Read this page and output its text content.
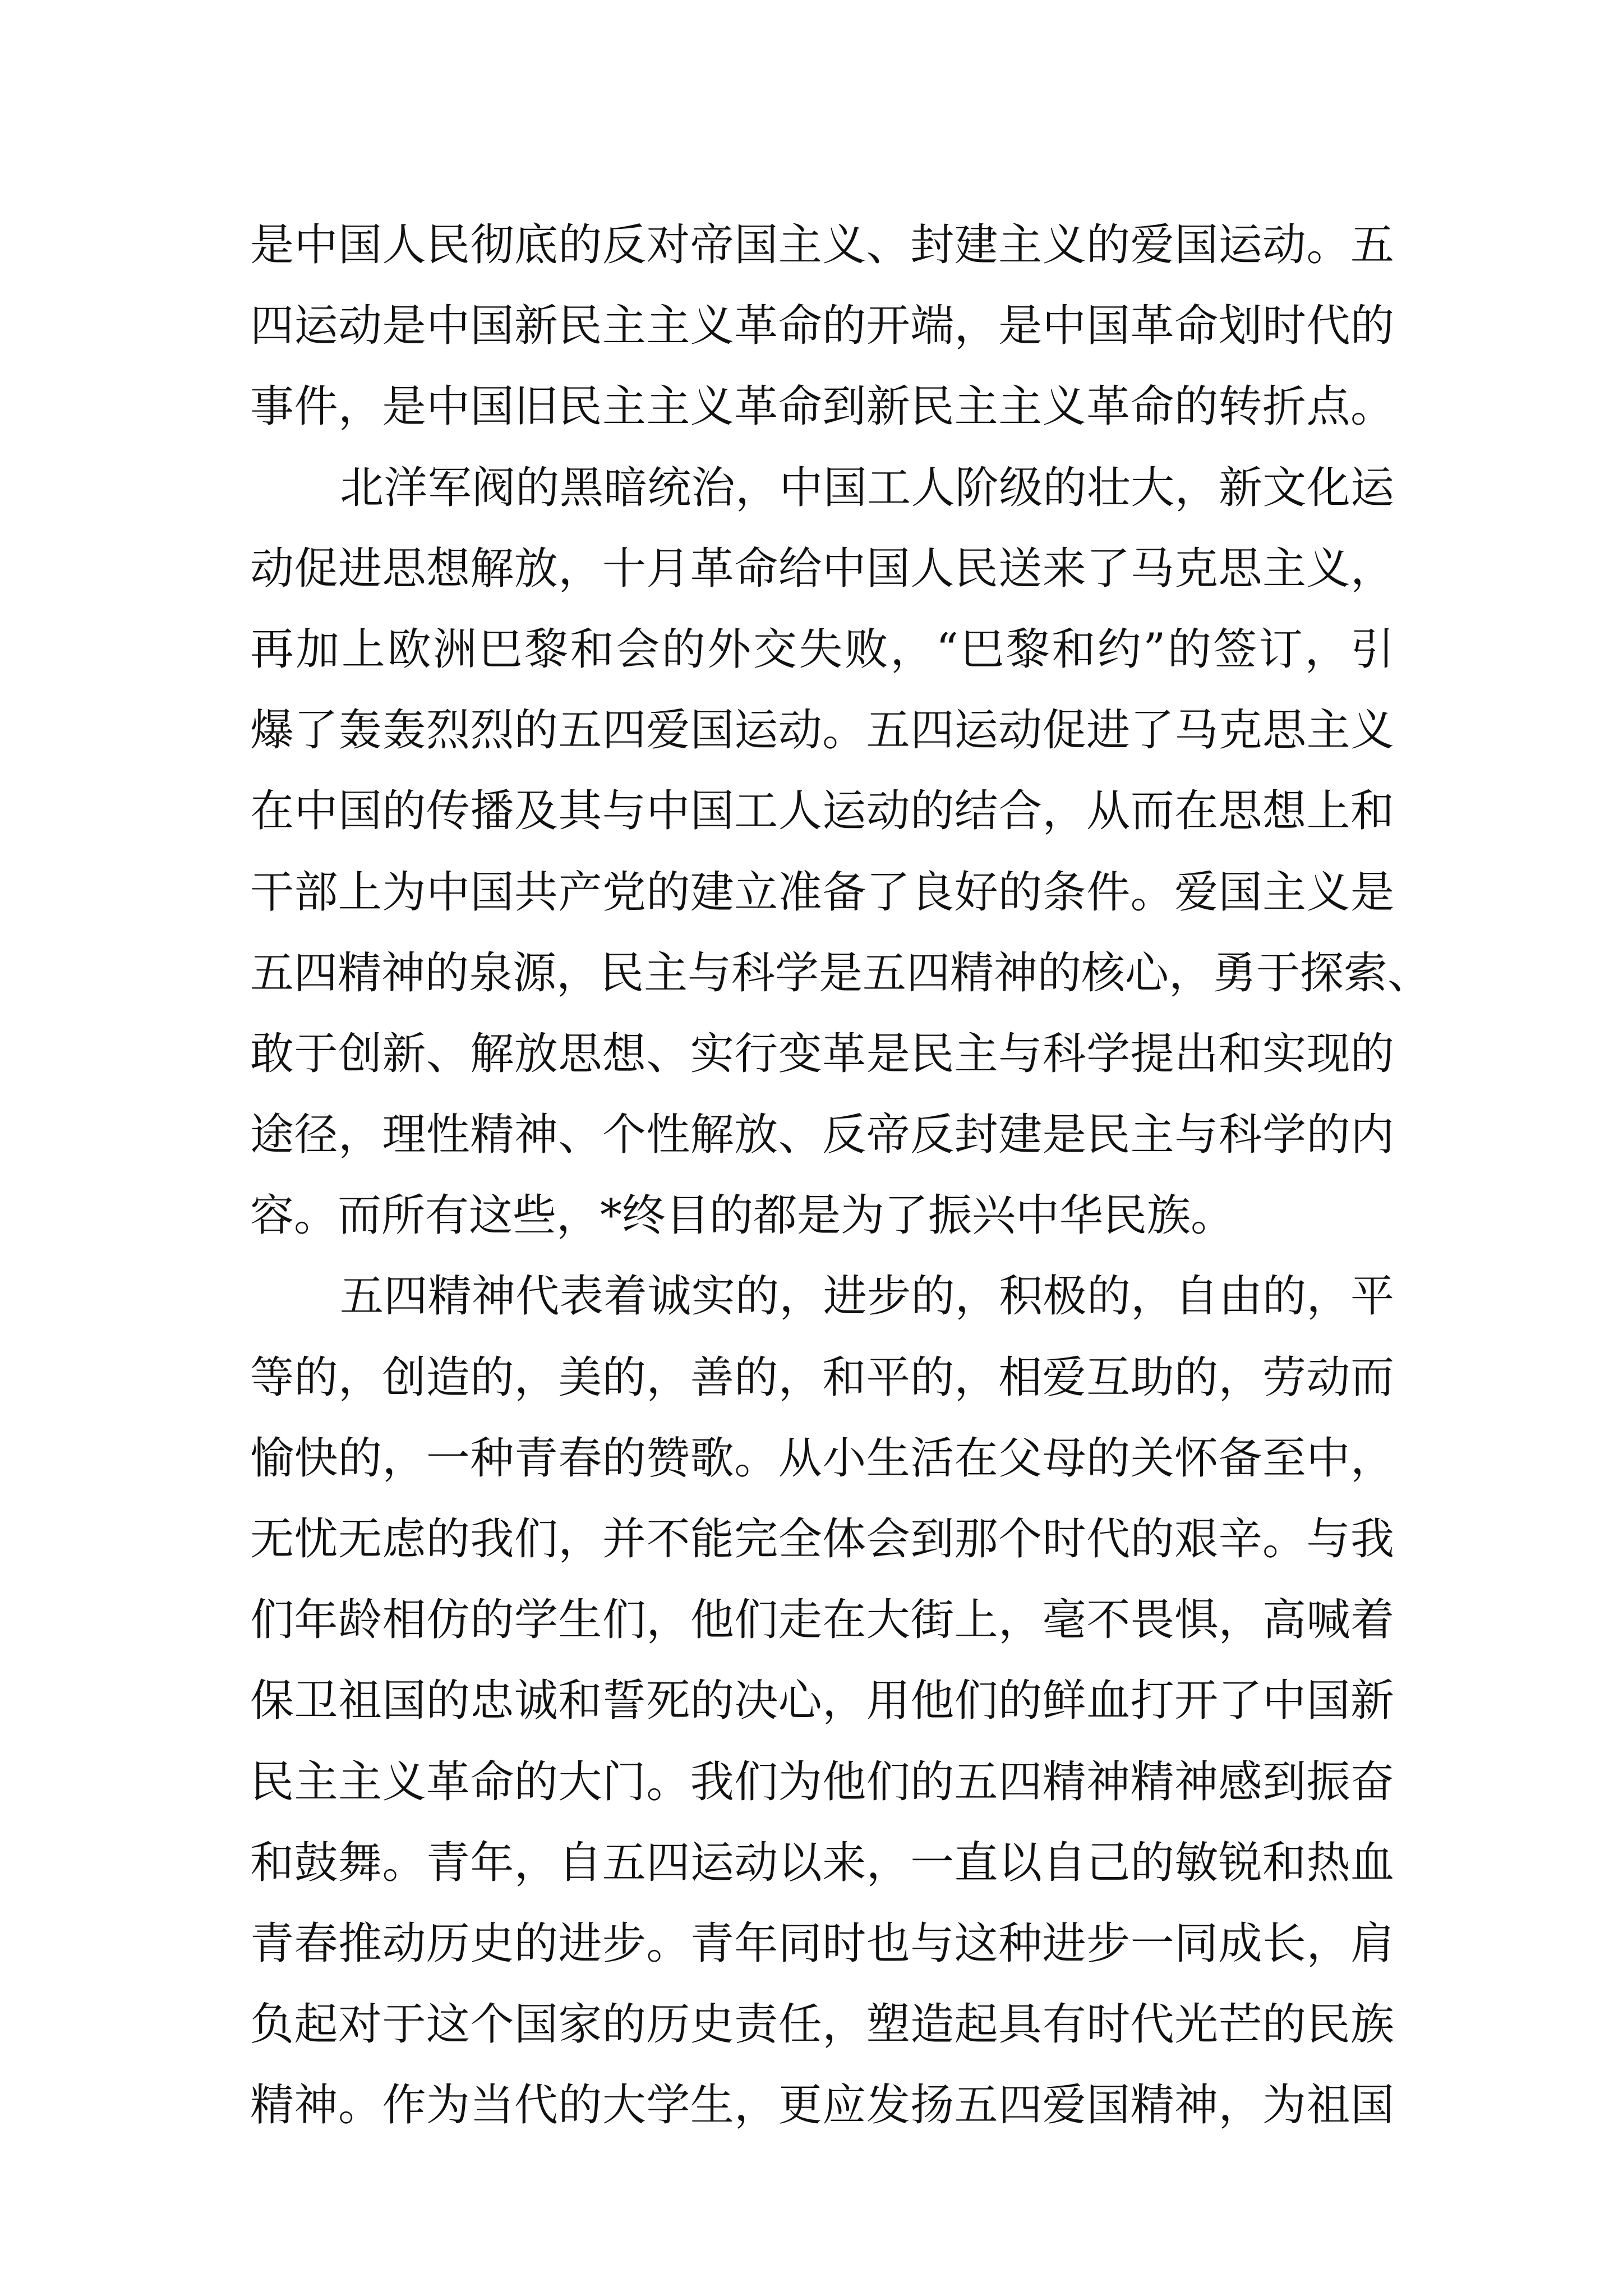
是中国人民彻底的反对帝国主义、封建主义的爱国运动。五
四运动是中国新民主主义革命的开端，是中国革命划时代的
事件，是中国旧民主主义革命到新民主主义革命的转折点。
北洋军阀的黑暗统治，中国工人阶级的壮大，新文化运
动促进思想解放，十月革命给中国人民送来了马克思主义，
再加上欧洲巴黎和会的外交失败，“巴黎和约”的签订，引
爆了轰轰烈烈的五四爱国运动。五四运动促进了马克思主义
在中国的传播及其与中国工人运动的结合，从而在思想上和
干部上为中国共产党的建立准备了良好的条件。爱国主义是
五四精神的泉源，民主与科学是五四精神的核心，勇于探索、
敢于创新、解放思想、实行变革是民主与科学提出和实现的
途径，理性精神、个性解放、反帝反封建是民主与科学的内
容。而所有这些，*终目的都是为了振兴中华民族。
五四精神代表着诚实的，进步的，积极的，自由的，平
等的，创造的，美的，善的，和平的，相爱互助的，劳动而
愉快的，一种青春的赞歌。从小生活在父母的关怀备至中，
无忧无虑的我们，并不能完全体会到那个时代的艰辛。与我
们年龄相仿的学生们，他们走在大街上，毫不畏惧，高喊着
保卫祖国的忠诚和誓死的决心，用他们的鲜血打开了中国新
民主主义革命的大门。我们为他们的五四精神精神感到振奋
和鼓舞。青年，自五四运动以来，一直以自己的敏锐和热血
青春推动历史的进步。青年同时也与这种进步一同成长，肩
负起对于这个国家的历史责任，塑造起具有时代光芒的民族
精神。作为当代的大学生，更应发扬五四爱国精神，为祖国
